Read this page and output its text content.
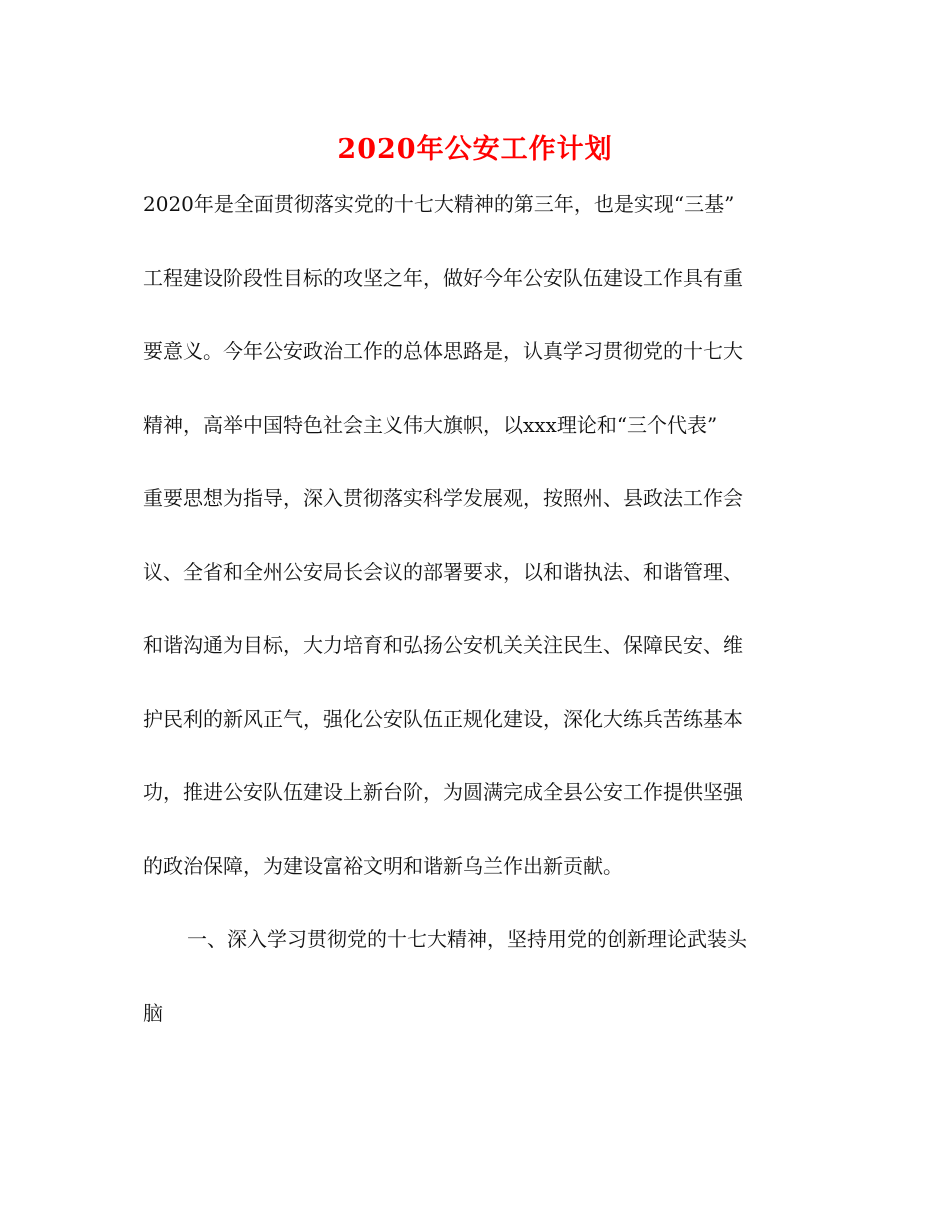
2020年公安工作计划
2020年是全面贯彻落实党的十七大精神的第三年，也是实现“三基”
工程建设阶段性目标的攻坚之年，做好今年公安队伍建设工作具有重
要意义。今年公安政治工作的总体思路是，认真学习贯彻党的十七大
精神，高举中国特色社会主义伟大旗帜，以xxx理论和“三个代表”
重要思想为指导，深入贯彻落实科学发展观，按照州、县政法工作会
议、全省和全州公安局长会议的部署要求，以和谐执法、和谐管理、
和谐沟通为目标，大力培育和弘扬公安机关关注民生、保障民安、维
护民利的新风正气，强化公安队伍正规化建设，深化大练兵苦练基本
功，推进公安队伍建设上新台阶，为圆满完成全县公安工作提供坚强
的政治保障，为建设富裕文明和谐新乌兰作出新贡献。
一、深入学习贯彻党的十七大精神，坚持用党的创新理论武装头
脑
